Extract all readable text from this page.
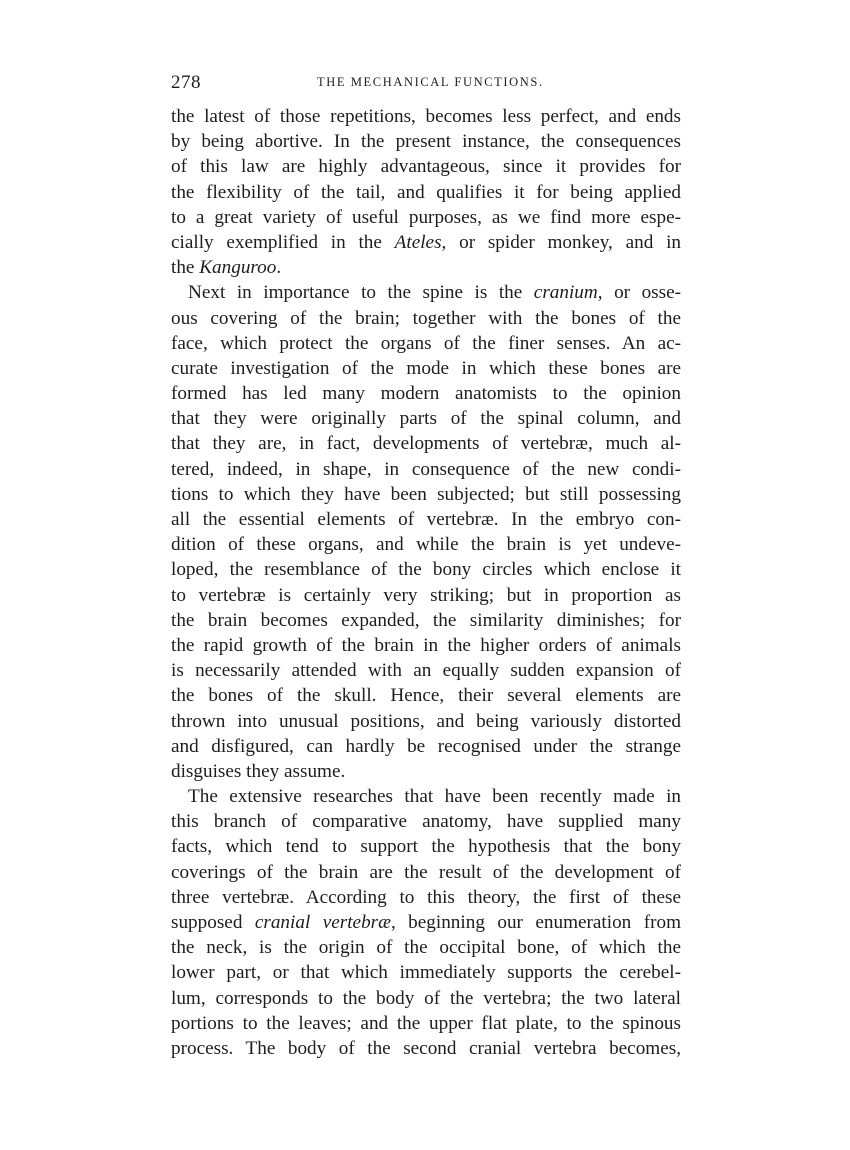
278	THE MECHANICAL FUNCTIONS.
the latest of those repetitions, becomes less perfect, and ends
by being abortive. In the present instance, the consequences
of this law are highly advantageous, since it provides for
the flexibility of the tail, and qualifies it for being applied
to a great variety of useful purposes, as we find more espe-
cially exemplified in the Ateles, or spider monkey, and in
the Kanguroo.
Next in importance to the spine is the cranium, or osse-
ous covering of the brain; together with the bones of the
face, which protect the organs of the finer senses. An ac-
curate investigation of the mode in which these bones are
formed has led many modern anatomists to the opinion
that they were originally parts of the spinal column, and
that they are, in fact, developments of vertebræ, much al-
tered, indeed, in shape, in consequence of the new condi-
tions to which they have been subjected; but still possessing
all the essential elements of vertebræ. In the embryo con-
dition of these organs, and while the brain is yet undeve-
loped, the resemblance of the bony circles which enclose it
to vertebræ is certainly very striking; but in proportion as
the brain becomes expanded, the similarity diminishes; for
the rapid growth of the brain in the higher orders of animals
is necessarily attended with an equally sudden expansion of
the bones of the skull. Hence, their several elements are
thrown into unusual positions, and being variously distorted
and disfigured, can hardly be recognised under the strange
disguises they assume.
The extensive researches that have been recently made in
this branch of comparative anatomy, have supplied many
facts, which tend to support the hypothesis that the bony
coverings of the brain are the result of the development of
three vertebræ. According to this theory, the first of these
supposed cranial vertebræ, beginning our enumeration from
the neck, is the origin of the occipital bone, of which the
lower part, or that which immediately supports the cerebel-
lum, corresponds to the body of the vertebra; the two lateral
portions to the leaves; and the upper flat plate, to the spinous
process. The body of the second cranial vertebra becomes,
